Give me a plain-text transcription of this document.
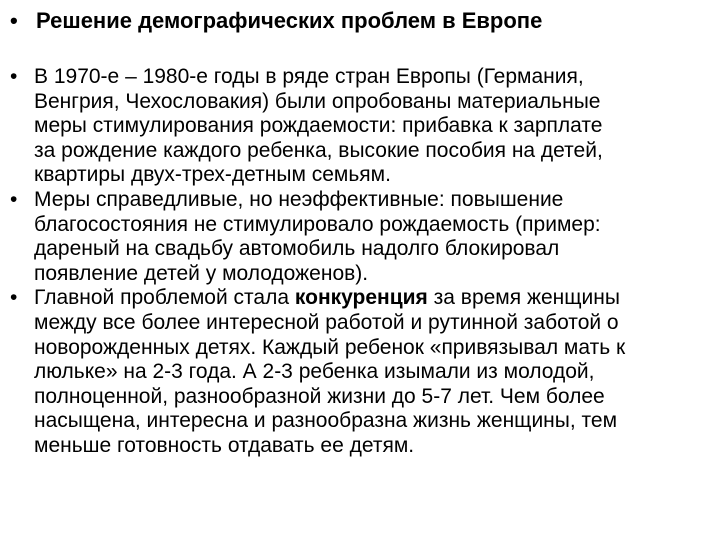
• Решение демографических проблем в Европе
• В 1970-е – 1980-е годы в ряде стран Европы (Германия,
Венгрия, Чехословакия) были опробованы материальные
меры стимулирования рождаемости: прибавка к зарплате
за рождение каждого ребенка, высокие пособия на детей,
квартиры двух-трех-детным семьям.
• Меры справедливые, но неэффективные: повышение
благосостояния не стимулировало рождаемость (пример:
дареный на свадьбу автомобиль надолго блокировал
появление детей у молодоженов).
• Главной проблемой стала конкуренция за время женщины
между все более интересной работой и рутинной заботой о
новорожденных детях. Каждый ребенок «привязывал мать к
люльке» на 2-3 года. А 2-3 ребенка изымали из молодой,
полноценной, разнообразной жизни до 5-7 лет. Чем более
насыщена, интересна и разнообразна жизнь женщины, тем
меньше готовность отдавать ее детям.
